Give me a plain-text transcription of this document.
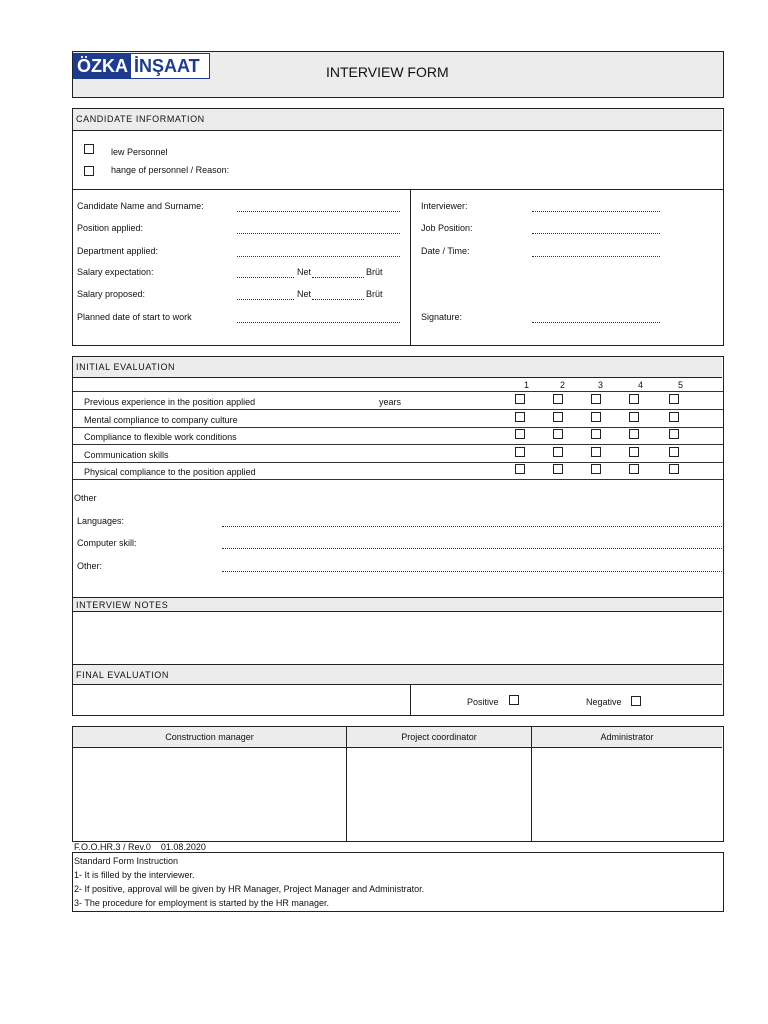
ÖZKA İNŞAAT	INTERVIEW FORM
CANDIDATE INFORMATION
lew Personnel
hange of personnel / Reason:
Candidate Name and Surname:
Position applied:
Department applied:
Salary expectation:	Net	Brüt
Salary proposed:	Net	Brüt
Planned date of start to work
Interviewer:
Job Position:
Date / Time:
Signature:
INITIAL EVALUATION
1	2	3	4	5
Previous experience in the position applied	years
Mental compliance to company culture
Compliance to flexible work conditions
Communication skills
Physical compliance to the position applied
Other
Languages:
Computer skill:
Other:
INTERVIEW NOTES
FINAL EVALUATION
Positive	Negative
Construction manager	Project coordinator	Administrator
F.O.O.HR.3 / Rev.0    01.08.2020
Standard Form Instruction
1- It is filled by the interviewer.
2- If positive, approval will be given by HR Manager, Project Manager and Administrator.
3- The procedure for employment is started by the HR manager.
